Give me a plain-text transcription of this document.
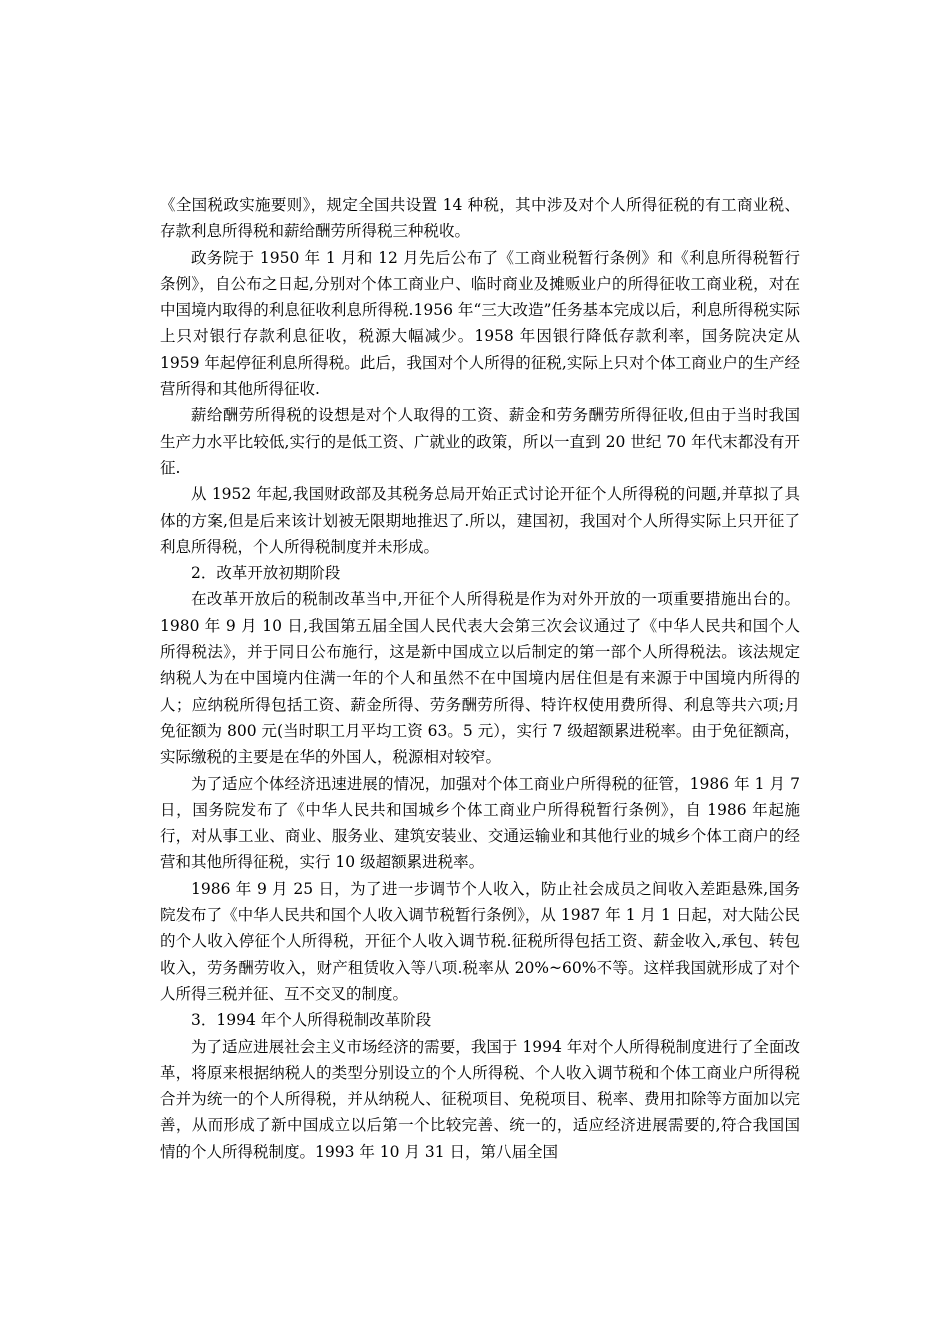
《全国税政实施要则》，规定全国共设置 14 种税，其中涉及对个人所得征税的有工商业税、存款利息所得税和薪给酬劳所得税三种税收。

政务院于 1950 年 1 月和 12 月先后公布了《工商业税暂行条例》和《利息所得税暂行条例》，自公布之日起,分别对个体工商业户、临时商业及摊贩业户的所得征收工商业税，对在中国境内取得的利息征收利息所得税.1956 年“三大改造”任务基本完成以后，利息所得税实际上只对银行存款利息征收，税源大幅减少。1958 年因银行降低存款利率，国务院决定从 1959 年起停征利息所得税。此后，我国对个人所得的征税,实际上只对个体工商业户的生产经营所得和其他所得征收.

薪给酬劳所得税的设想是对个人取得的工资、薪金和劳务酬劳所得征收,但由于当时我国生产力水平比较低,实行的是低工资、广就业的政策，所以一直到 20 世纪 70 年代末都没有开征.

从 1952 年起,我国财政部及其税务总局开始正式讨论开征个人所得税的问题,并草拟了具体的方案,但是后来该计划被无限期地推迟了.所以，建国初，我国对个人所得实际上只开征了利息所得税，个人所得税制度并未形成。

2．改革开放初期阶段

在改革开放后的税制改革当中,开征个人所得税是作为对外开放的一项重要措施出台的。1980 年 9 月 10 日,我国第五届全国人民代表大会第三次会议通过了《中华人民共和国个人所得税法》，并于同日公布施行，这是新中国成立以后制定的第一部个人所得税法。该法规定纳税人为在中国境内住满一年的个人和虽然不在中国境内居住但是有来源于中国境内所得的人；应纳税所得包括工资、薪金所得、劳务酬劳所得、特许权使用费所得、利息等共六项;月免征额为 800 元(当时职工月平均工资 63。5 元），实行 7 级超额累进税率。由于免征额高，实际缴税的主要是在华的外国人，税源相对较窄。

为了适应个体经济迅速进展的情况，加强对个体工商业户所得税的征管，1986 年 1 月 7 日，国务院发布了《中华人民共和国城乡个体工商业户所得税暂行条例》，自 1986 年起施行，对从事工业、商业、服务业、建筑安装业、交通运输业和其他行业的城乡个体工商户的经营和其他所得征税，实行 10 级超额累进税率。

1986 年 9 月 25 日，为了进一步调节个人收入，防止社会成员之间收入差距悬殊,国务院发布了《中华人民共和国个人收入调节税暂行条例》，从 1987 年 1 月 1 日起，对大陆公民的个人收入停征个人所得税，开征个人收入调节税.征税所得包括工资、薪金收入,承包、转包收入，劳务酬劳收入，财产租赁收入等八项.税率从 20%~60%不等。这样我国就形成了对个人所得三税并征、互不交叉的制度。

3．1994 年个人所得税制改革阶段

为了适应进展社会主义市场经济的需要，我国于 1994 年对个人所得税制度进行了全面改革，将原来根据纳税人的类型分别设立的个人所得税、个人收入调节税和个体工商业户所得税合并为统一的个人所得税，并从纳税人、征税项目、免税项目、税率、费用扣除等方面加以完善，从而形成了新中国成立以后第一个比较完善、统一的，适应经济进展需要的,符合我国国情的个人所得税制度。1993 年 10 月 31 日，第八届全国
